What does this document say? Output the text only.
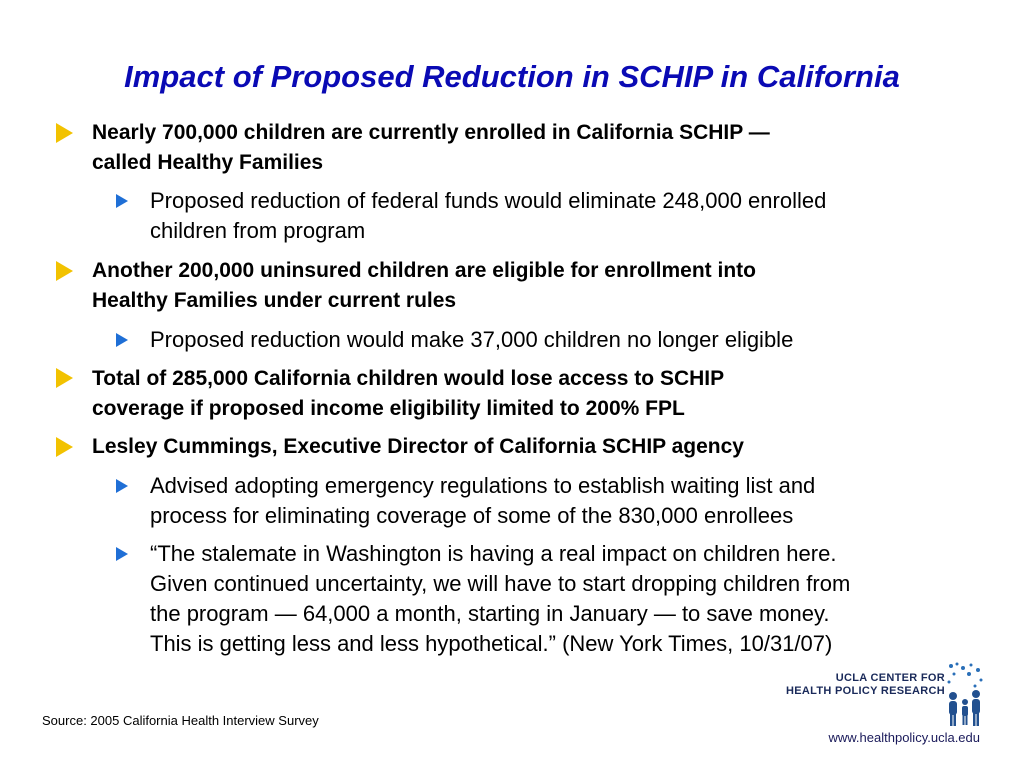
Impact of Proposed Reduction in SCHIP in California

Nearly 700,000 children are currently enrolled in California SCHIP —
called Healthy Families

Proposed reduction of federal funds would eliminate 248,000 enrolled
children from program

Another 200,000 uninsured children are eligible for enrollment into
Healthy Families under current rules

Proposed reduction would make 37,000 children no longer eligible

Total of 285,000 California children would lose access to SCHIP
coverage if proposed income eligibility limited to 200% FPL

Lesley Cummings, Executive Director of California SCHIP agency

Advised adopting emergency regulations to establish waiting list and
process for eliminating coverage of some of the 830,000 enrollees

“The stalemate in Washington is having a real impact on children here.
Given continued uncertainty, we will have to start dropping children from
the program — 64,000 a month, starting in January — to save money.
This is getting less and less hypothetical.” (New York Times, 10/31/07)

Source: 2005 California Health Interview Survey

UCLA CENTER FOR

HEALTH POLICY RESEARCH

www.healthpolicy.ucla.edu
